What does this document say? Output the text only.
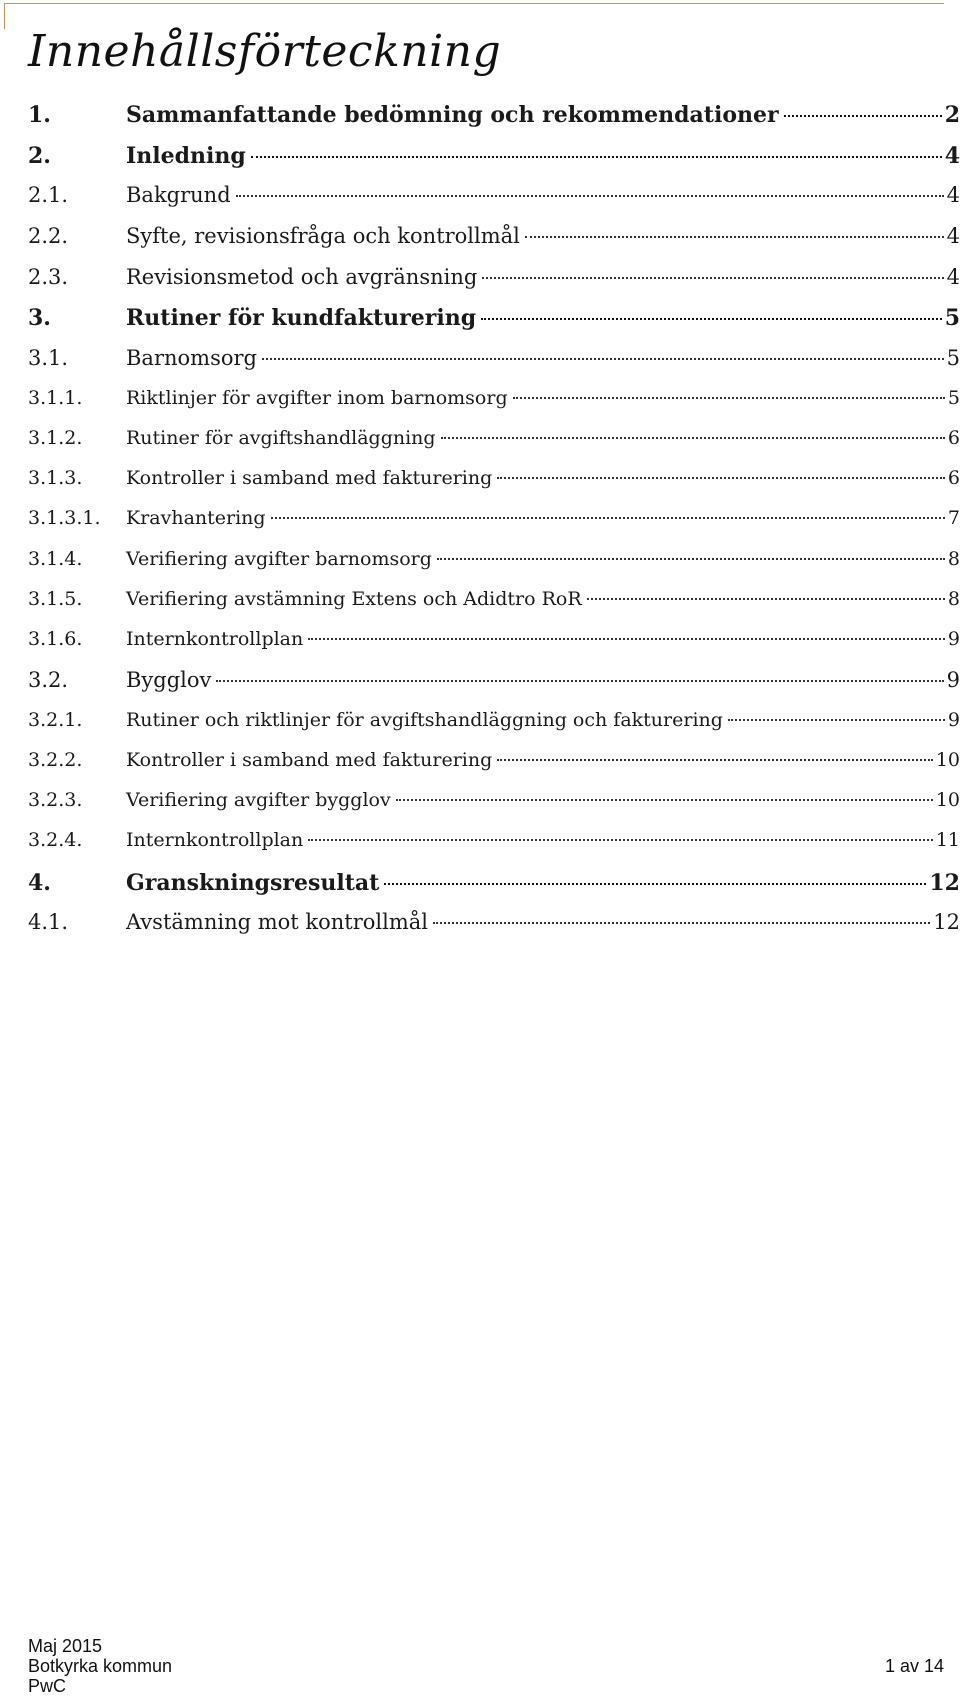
Innehållsförteckning
1.	Sammanfattande bedömning och rekommendationer	2
2.	Inledning	4
2.1.	Bakgrund	4
2.2.	Syfte, revisionsfråga och kontrollmål	4
2.3.	Revisionsmetod och avgränsning	4
3.	Rutiner för kundfakturering	5
3.1.	Barnomsorg	5
3.1.1.	Riktlinjer för avgifter inom barnomsorg	5
3.1.2.	Rutiner för avgiftshandläggning	6
3.1.3.	Kontroller i samband med fakturering	6
3.1.3.1.	Kravhantering	7
3.1.4.	Verifiering avgifter barnomsorg	8
3.1.5.	Verifiering avstämning Extens och Adidtro RoR	8
3.1.6.	Internkontrollplan	9
3.2.	Bygglov	9
3.2.1.	Rutiner och riktlinjer för avgiftshandläggning och fakturering	9
3.2.2.	Kontroller i samband med fakturering	10
3.2.3.	Verifiering avgifter bygglov	10
3.2.4.	Internkontrollplan	11
4.	Granskningsresultat	12
4.1.	Avstämning mot kontrollmål	12
Maj 2015
Botkyrka kommun
PwC
1 av 14
